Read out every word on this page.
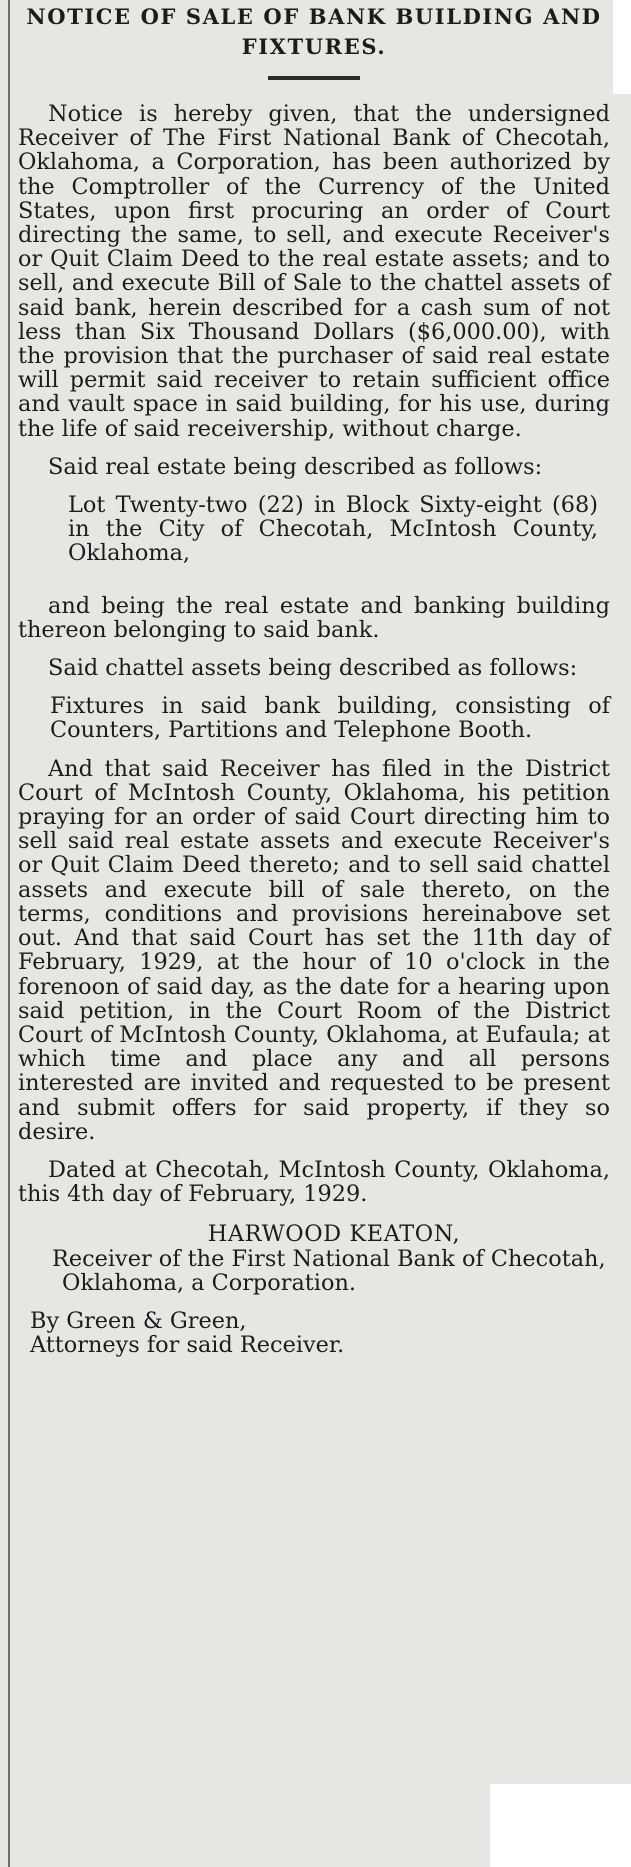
NOTICE OF SALE OF BANK BUILDING AND FIXTURES.

Notice is hereby given, that the undersigned Receiver of The First National Bank of Checotah, Oklahoma, a Corporation, has been authorized by the Comptroller of the Currency of the United States, upon first procuring an order of Court directing the same, to sell, and execute Receiver's or Quit Claim Deed to the real estate assets; and to sell, and execute Bill of Sale to the chattel assets of said bank, herein described for a cash sum of not less than Six Thousand Dollars ($6,000.00), with the provision that the purchaser of said real estate will permit said receiver to retain sufficient office and vault space in said building, for his use, during the life of said receivership, without charge.

Said real estate being described as follows:

Lot Twenty-two (22) in Block Sixty-eight (68) in the City of Checotah, McIntosh County, Oklahoma,

and being the real estate and banking building thereon belonging to said bank.

Said chattel assets being described as follows:

Fixtures in said bank building, consisting of Counters, Partitions and Telephone Booth.

And that said Receiver has filed in the District Court of McIntosh County, Oklahoma, his petition praying for an order of said Court directing him to sell said real estate assets and execute Receiver's or Quit Claim Deed thereto; and to sell said chattel assets and execute bill of sale thereto, on the terms, conditions and provisions hereinabove set out. And that said Court has set the 11th day of February, 1929, at the hour of 10 o'clock in the forenoon of said day, as the date for a hearing upon said petition, in the Court Room of the District Court of McIntosh County, Oklahoma, at Eufaula; at which time and place any and all persons interested are invited and requested to be present and submit offers for said property, if they so desire.

Dated at Checotah, McIntosh County, Oklahoma, this 4th day of February, 1929.

HARWOOD KEATON,

Receiver of the First National Bank of Checotah, Oklahoma, a Corporation.

By Green & Green,

Attorneys for said Receiver.
